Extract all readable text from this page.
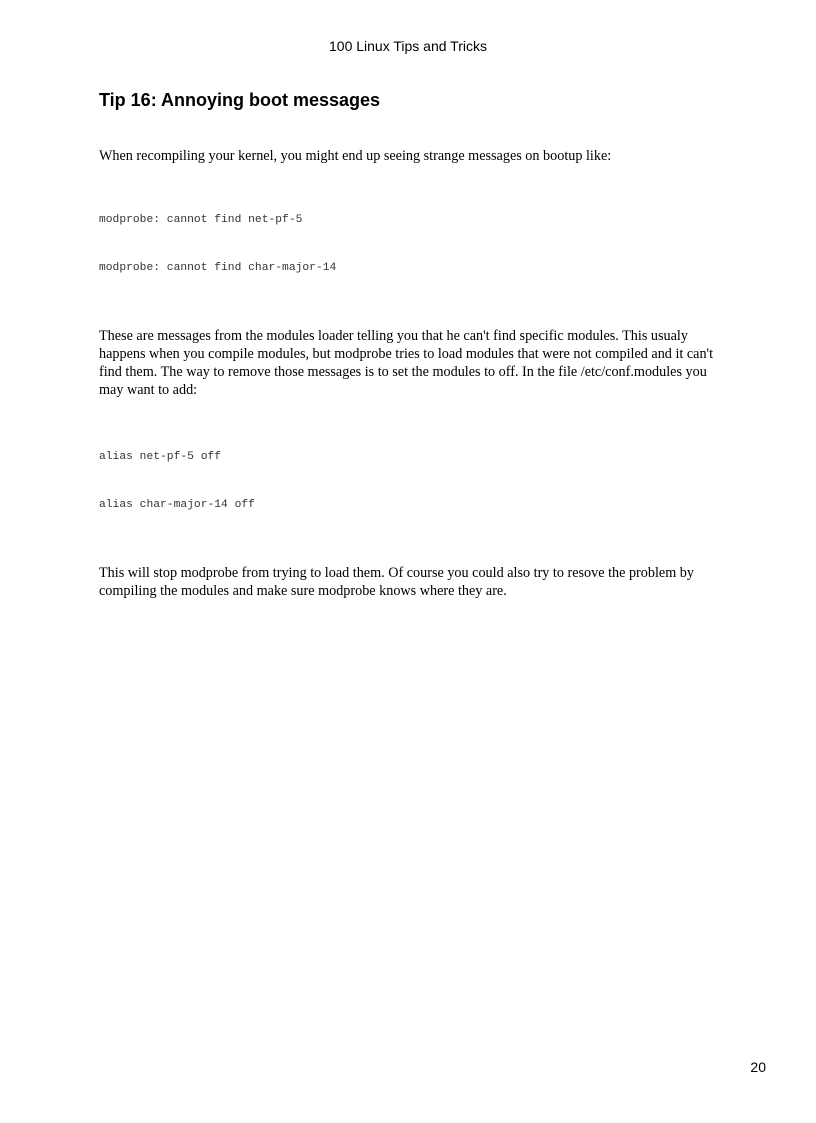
100 Linux Tips and Tricks
Tip 16: Annoying boot messages

When recompiling your kernel, you might end up seeing strange messages on bootup like:

modprobe: cannot find net-pf-5

modprobe: cannot find char-major-14

These are messages from the modules loader telling you that he can't find specific modules. This usualy
happens when you compile modules, but modprobe tries to load modules that were not compiled and it can't
find them. The way to remove those messages is to set the modules to off. In the file /etc/conf.modules you
may want to add:

alias net-pf-5 off

alias char-major-14 off

This will stop modprobe from trying to load them. Of course you could also try to resove the problem by
compiling the modules and make sure modprobe knows where they are.

20
